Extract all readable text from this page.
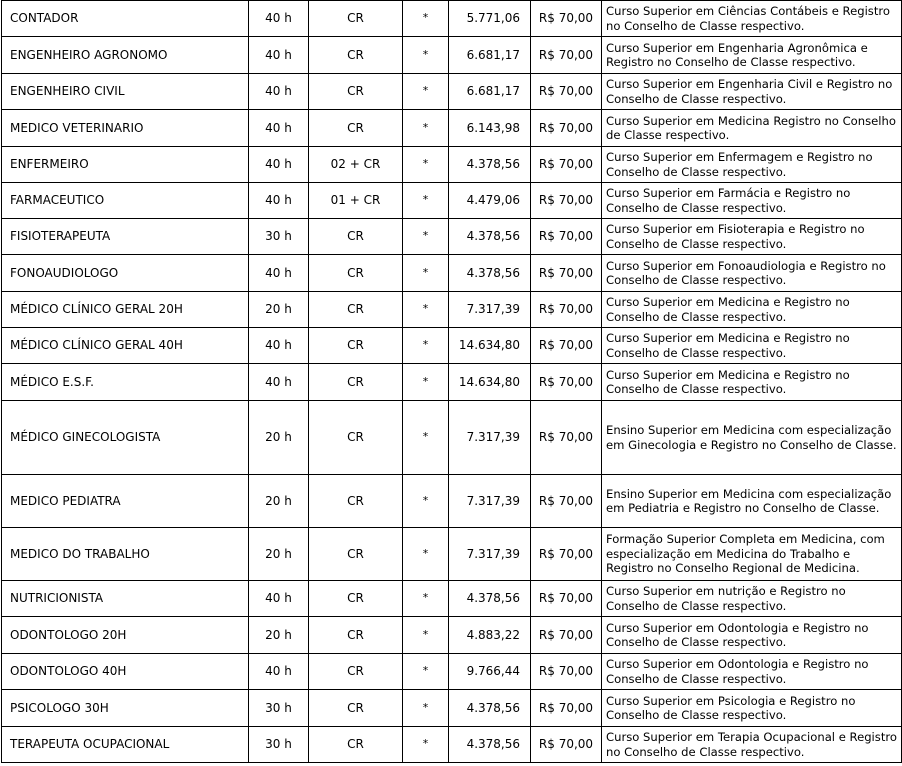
CONTADOR	40 h	CR	*	5.771,06	R$ 70,00	Curso Superior em Ciências Contábeis e Registro no Conselho de Classe respectivo.

ENGENHEIRO AGRONOMO	40 h	CR	*	6.681,17	R$ 70,00	Curso Superior em Engenharia Agronômica e Registro no Conselho de Classe respectivo.

ENGENHEIRO CIVIL	40 h	CR	*	6.681,17	R$ 70,00	Curso Superior em Engenharia Civil e Registro no Conselho de Classe respectivo.

MEDICO VETERINARIO	40 h	CR	*	6.143,98	R$ 70,00	Curso Superior em Medicina Registro no Conselho de Classe respectivo.

ENFERMEIRO	40 h	02 + CR	*	4.378,56	R$ 70,00	Curso Superior em Enfermagem e Registro no Conselho de Classe respectivo.

FARMACEUTICO	40 h	01 + CR	*	4.479,06	R$ 70,00	Curso Superior em Farmácia e Registro no Conselho de Classe respectivo.

FISIOTERAPEUTA	30 h	CR	*	4.378,56	R$ 70,00	Curso Superior em Fisioterapia e Registro no Conselho de Classe respectivo.

FONOAUDIOLOGO	40 h	CR	*	4.378,56	R$ 70,00	Curso Superior em Fonoaudiologia e Registro no Conselho de Classe respectivo.

MÉDICO CLÍNICO GERAL 20H	20 h	CR	*	7.317,39	R$ 70,00	Curso Superior em Medicina e Registro no Conselho de Classe respectivo.

MÉDICO CLÍNICO GERAL 40H	40 h	CR	*	14.634,80	R$ 70,00	Curso Superior em Medicina e Registro no Conselho de Classe respectivo.

MÉDICO E.S.F.	40 h	CR	*	14.634,80	R$ 70,00	Curso Superior em Medicina e Registro no Conselho de Classe respectivo.

MÉDICO GINECOLOGISTA	20 h	CR	*	7.317,39	R$ 70,00	Ensino Superior em Medicina com especialização
em Ginecologia e Registro no Conselho de Classe.

MEDICO PEDIATRA	20 h	CR	*	7.317,39	R$ 70,00	Ensino Superior em Medicina com especialização
em Pediatria e Registro no Conselho de Classe.

MEDICO DO TRABALHO	20 h	CR	*	7.317,39	R$ 70,00	Formação Superior Completa em Medicina, com especialização em Medicina do Trabalho e Registro no Conselho Regional de Medicina.

NUTRICIONISTA	40 h	CR	*	4.378,56	R$ 70,00	Curso Superior em nutrição e Registro no Conselho de Classe respectivo.

ODONTOLOGO 20H	20 h	CR	*	4.883,22	R$ 70,00	Curso Superior em Odontologia e Registro no Conselho de Classe respectivo.

ODONTOLOGO 40H	40 h	CR	*	9.766,44	R$ 70,00	Curso Superior em Odontologia e Registro no Conselho de Classe respectivo.

PSICOLOGO 30H	30 h	CR	*	4.378,56	R$ 70,00	Curso Superior em Psicologia e Registro no Conselho de Classe respectivo.

TERAPEUTA OCUPACIONAL	30 h	CR	*	4.378,56	R$ 70,00	Curso Superior em Terapia Ocupacional e Registro no Conselho de Classe respectivo.
